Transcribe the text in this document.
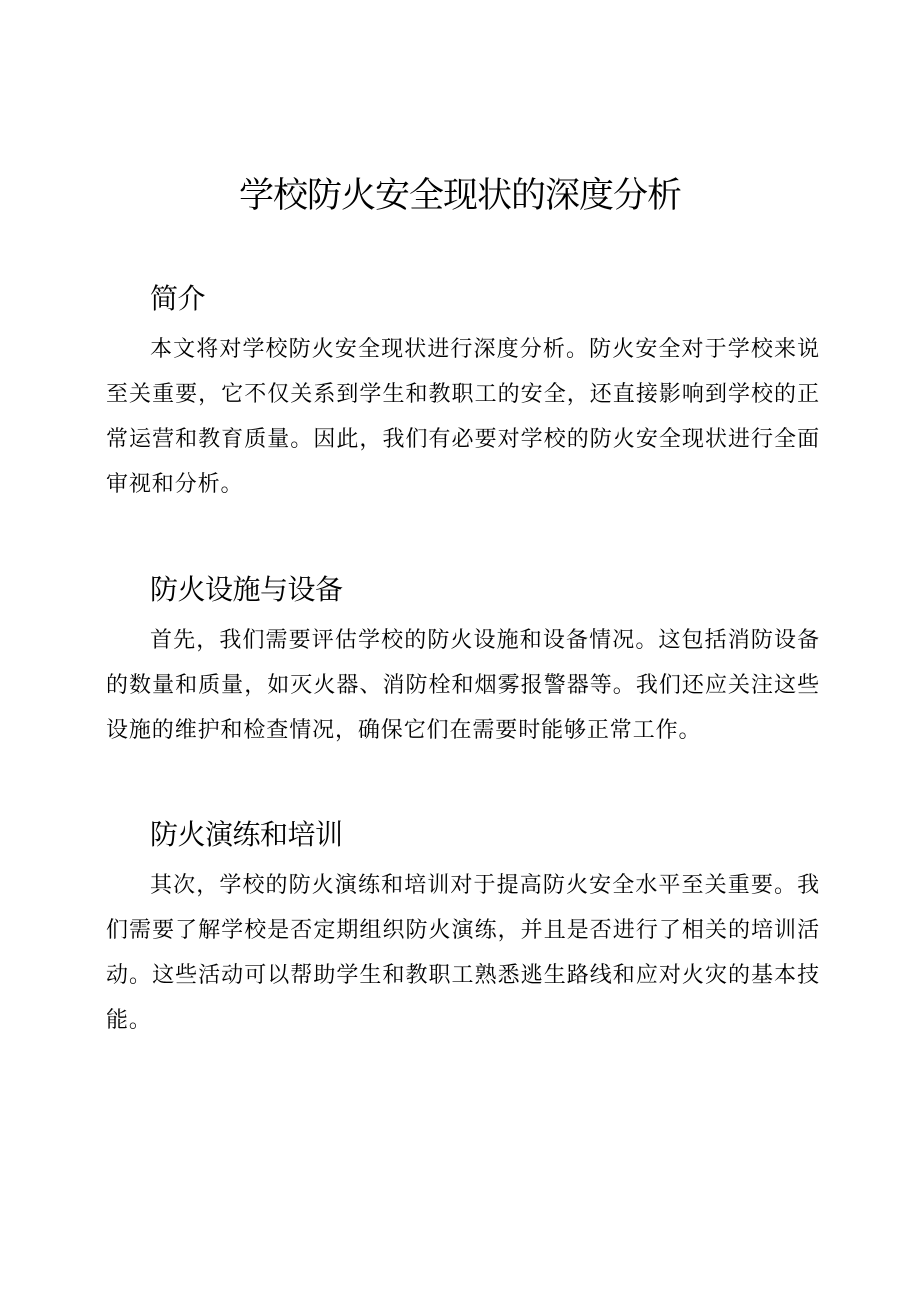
学校防火安全现状的深度分析
简介

本文将对学校防火安全现状进行深度分析。防火安全对于学校来说至关重要，它不仅关系到学生和教职工的安全，还直接影响到学校的正常运营和教育质量。因此，我们有必要对学校的防火安全现状进行全面审视和分析。

防火设施与设备

首先，我们需要评估学校的防火设施和设备情况。这包括消防设备的数量和质量，如灭火器、消防栓和烟雾报警器等。我们还应关注这些设施的维护和检查情况，确保它们在需要时能够正常工作。

防火演练和培训

其次，学校的防火演练和培训对于提高防火安全水平至关重要。我们需要了解学校是否定期组织防火演练，并且是否进行了相关的培训活动。这些活动可以帮助学生和教职工熟悉逃生路线和应对火灾的基本技能。
